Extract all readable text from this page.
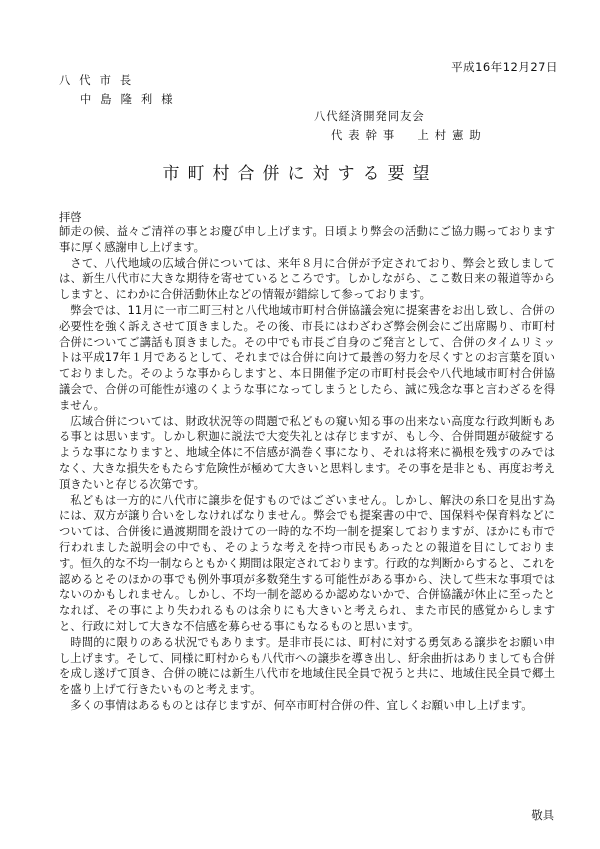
平成16年12月27日
八代市長
中島隆利様
八代経済開発同友会
代表幹事　上村憲助
市町村合併に対する要望
拝啓

師走の候、益々ご清祥の事とお慶び申し上げます。日頃より弊会の活動にご協力賜っております事に厚く感謝申し上げます。

さて、八代地域の広域合併については、来年８月に合併が予定されており、弊会と致しましては、新生八代市に大きな期待を寄せているところです。しかしながら、ここ数日来の報道等からしますと、にわかに合併活動休止などの情報が錯綜して参っております。

弊会では、11月に一市二町三村と八代地域市町村合併協議会宛に提案書をお出し致し、合併の必要性を強く訴えさせて頂きました。その後、市長にはわざわざ弊会例会にご出席賜り、市町村合併についてご講話も頂きました。その中でも市長ご自身のご発言として、合併のタイムリミットは平成17年１月であるとして、それまでは合併に向けて最善の努力を尽くすとのお言葉を頂いておりました。そのような事からしますと、本日開催予定の市町村長会や八代地域市町村合併協議会で、合併の可能性が遠のくような事になってしまうとしたら、誠に残念な事と言わざるを得ません。

広域合併については、財政状況等の問題で私どもの窺い知る事の出来ない高度な行政判断もある事とは思います。しかし釈迦に説法で大変失礼とは存じますが、もし今、合併問題が破綻するような事になりますと、地域全体に不信感が渦巻く事になり、それは将来に禍根を残すのみではなく、大きな損失をもたらす危険性が極めて大きいと思料します。その事を是非とも、再度お考え頂きたいと存じる次第です。

私どもは一方的に八代市に譲歩を促すものではございません。しかし、解決の糸口を見出す為には、双方が譲り合いをしなければなりません。弊会でも提案書の中で、国保料や保育料などについては、合併後に過渡期間を設けての一時的な不均一制を提案しておりますが、ほかにも市で行われました説明会の中でも、そのような考えを持つ市民もあったとの報道を目にしております。恒久的な不均一制ならともかく期間は限定されております。行政的な判断からすると、これを認めるとそのほかの事でも例外事項が多数発生する可能性がある事から、決して些末な事項ではないのかもしれません。しかし、不均一制を認めるか認めないかで、合併協議が休止に至ったとなれば、その事により失われるものは余りにも大きいと考えられ、また市民的感覚からしますと、行政に対して大きな不信感を募らせる事にもなるものと思います。

時間的に限りのある状況でもあります。是非市長には、町村に対する勇気ある譲歩をお願い申し上げます。そして、同様に町村からも八代市への譲歩を導き出し、紆余曲折はありましても合併を成し遂げて頂き、合併の暁には新生八代市を地域住民全員で祝うと共に、地域住民全員で郷土を盛り上げて行きたいものと考えます。

多くの事情はあるものとは存じますが、何卒市町村合併の件、宜しくお願い申し上げます。

敬具
